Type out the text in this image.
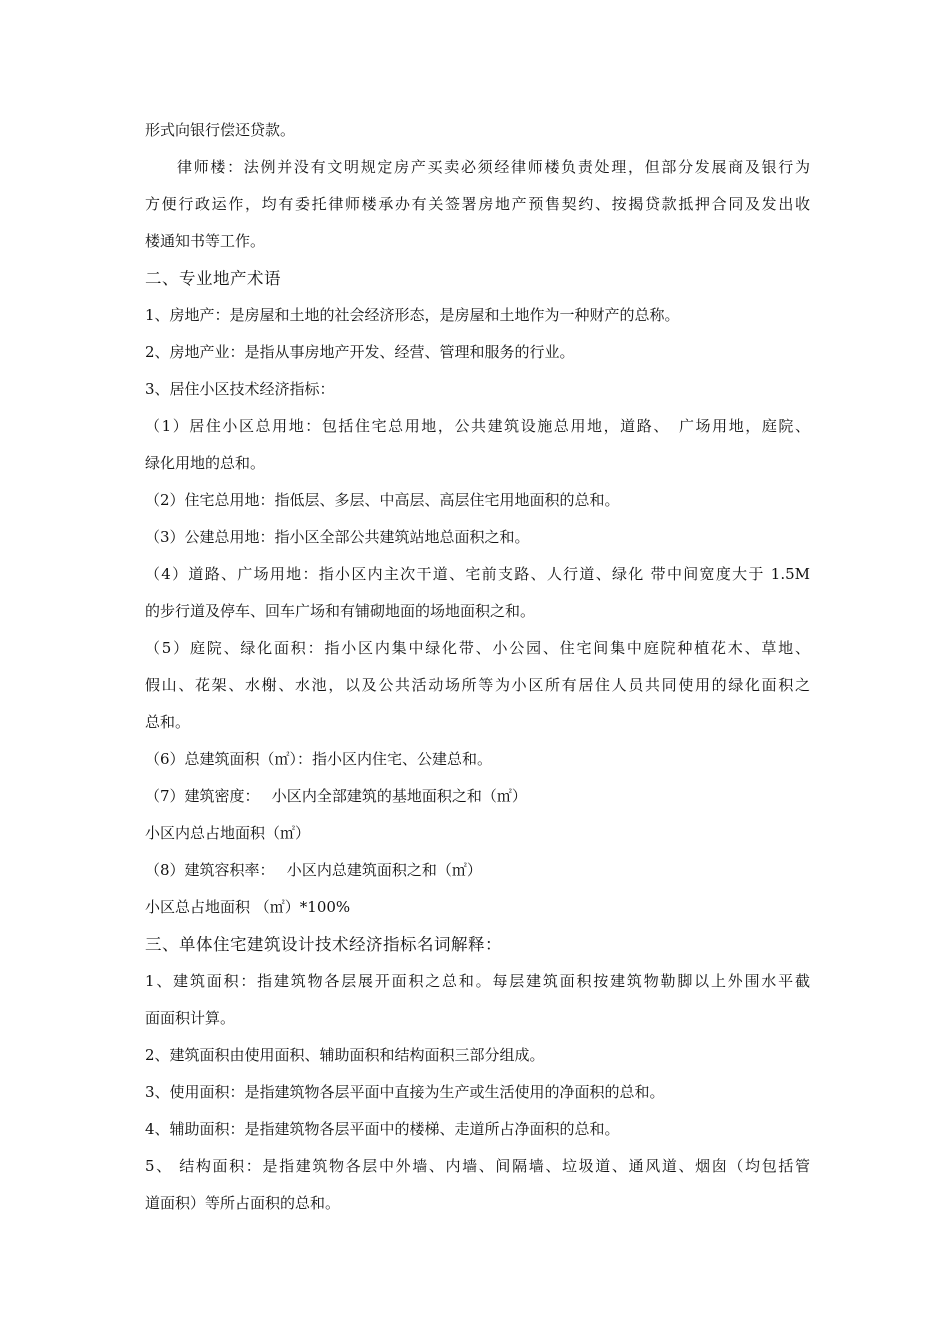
形式向银行偿还贷款。
律师楼：法例并没有文明规定房产买卖必须经律师楼负责处理，但部分发展商及银行为
方便行政运作，均有委托律师楼承办有关签署房地产预售契约、按揭贷款抵押合同及发出收
楼通知书等工作。
二、专业地产术语
1、房地产：是房屋和土地的社会经济形态，是房屋和土地作为一种财产的总称。
2、房地产业：是指从事房地产开发、经营、管理和服务的行业。
3、居住小区技术经济指标：
（1）居住小区总用地：包括住宅总用地，公共建筑设施总用地，道路、　广场用地，庭院、
绿化用地的总和。
（2）住宅总用地：指低层、多层、中高层、高层住宅用地面积的总和。
（3）公建总用地：指小区全部公共建筑站地总面积之和。
（4）道路、广场用地：指小区内主次干道、宅前支路、人行道、绿化 带中间宽度大于 1.5M
的步行道及停车、回车广场和有铺砌地面的场地面积之和。
（5）庭院、绿化面积：指小区内集中绿化带、小公园、住宅间集中庭院种植花木、草地、
假山、花架、水榭、水池，以及公共活动场所等为小区所有居住人员共同使用的绿化面积之
总和。
（6）总建筑面积（㎡）：指小区内住宅、公建总和。
（7）建筑密度：　 小区内全部建筑的基地面积之和（㎡）
小区内总占地面积（㎡）
（8）建筑容积率：　 小区内总建筑面积之和（㎡）
小区总占地面积 （㎡）*100%
三、单体住宅建筑设计技术经济指标名词解释：
1、建筑面积：指建筑物各层展开面积之总和。每层建筑面积按建筑物勒脚以上外围水平截
面面积计算。
2、建筑面积由使用面积、辅助面积和结构面积三部分组成。
3、使用面积：是指建筑物各层平面中直接为生产或生活使用的净面积的总和。
4、辅助面积：是指建筑物各层平面中的楼梯、走道所占净面积的总和。
5、 结构面积：是指建筑物各层中外墙、内墙、间隔墙、垃圾道、通风道、烟囱（均包括管
道面积）等所占面积的总和。
